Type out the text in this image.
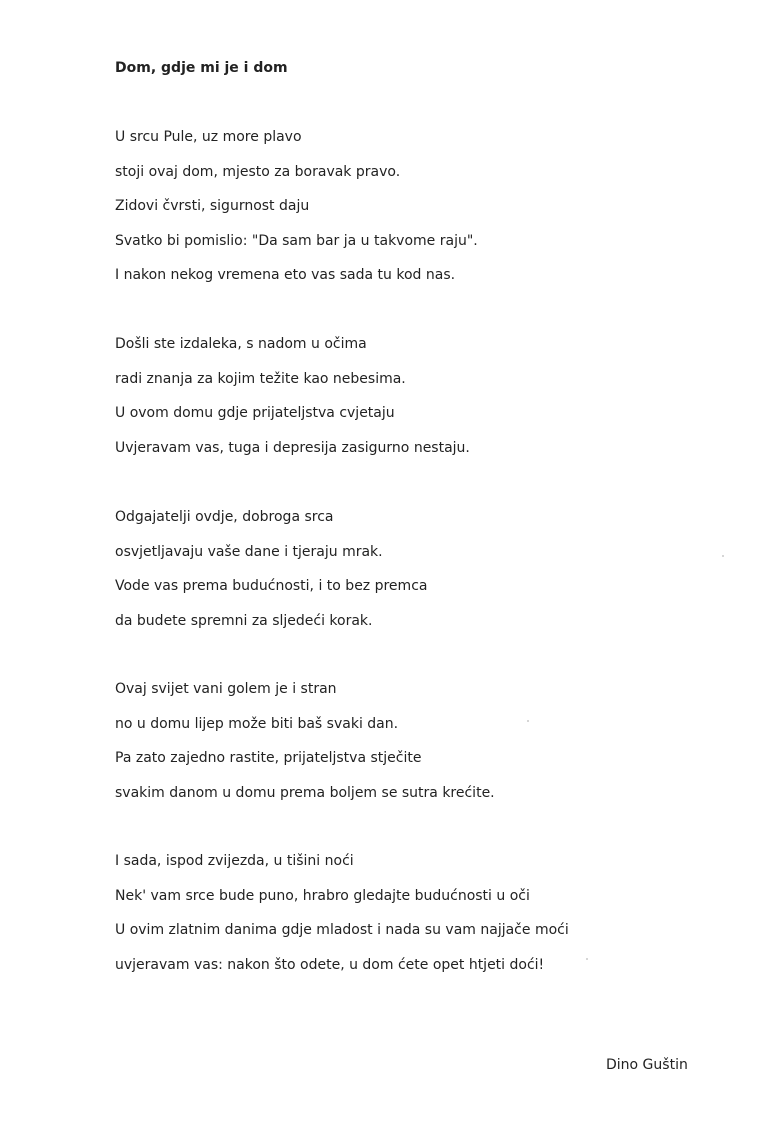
Dom, gdje mi je i dom
U srcu Pule, uz more plavo
stoji ovaj dom, mjesto za boravak pravo.
Zidovi čvrsti, sigurnost daju
Svatko bi pomislio: "Da sam bar ja u takvome raju".
I nakon nekog vremena eto vas sada tu kod nas.
Došli ste izdaleka, s nadom u očima
radi znanja za kojim težite kao nebesima.
U ovom domu gdje prijateljstva cvjetaju
Uvjeravam vas, tuga i depresija zasigurno nestaju.
Odgajatelji ovdje, dobroga srca
osvjetljavaju vaše dane i tjeraju mrak.
Vode vas prema budućnosti, i to bez premca
da budete spremni za sljedeći korak.
Ovaj svijet vani golem je i stran
no u domu lijep može biti baš svaki dan.
Pa zato zajedno rastite, prijateljstva stječite
svakim danom u domu prema boljem se sutra krećite.
I sada, ispod zvijezda, u tišini noći
Nek' vam srce bude puno, hrabro gledajte budućnosti u oči
U ovim zlatnim danima gdje mladost i nada su vam najjače moći
uvjeravam vas: nakon što odete, u dom ćete opet htjeti doći!
Dino Guštin
